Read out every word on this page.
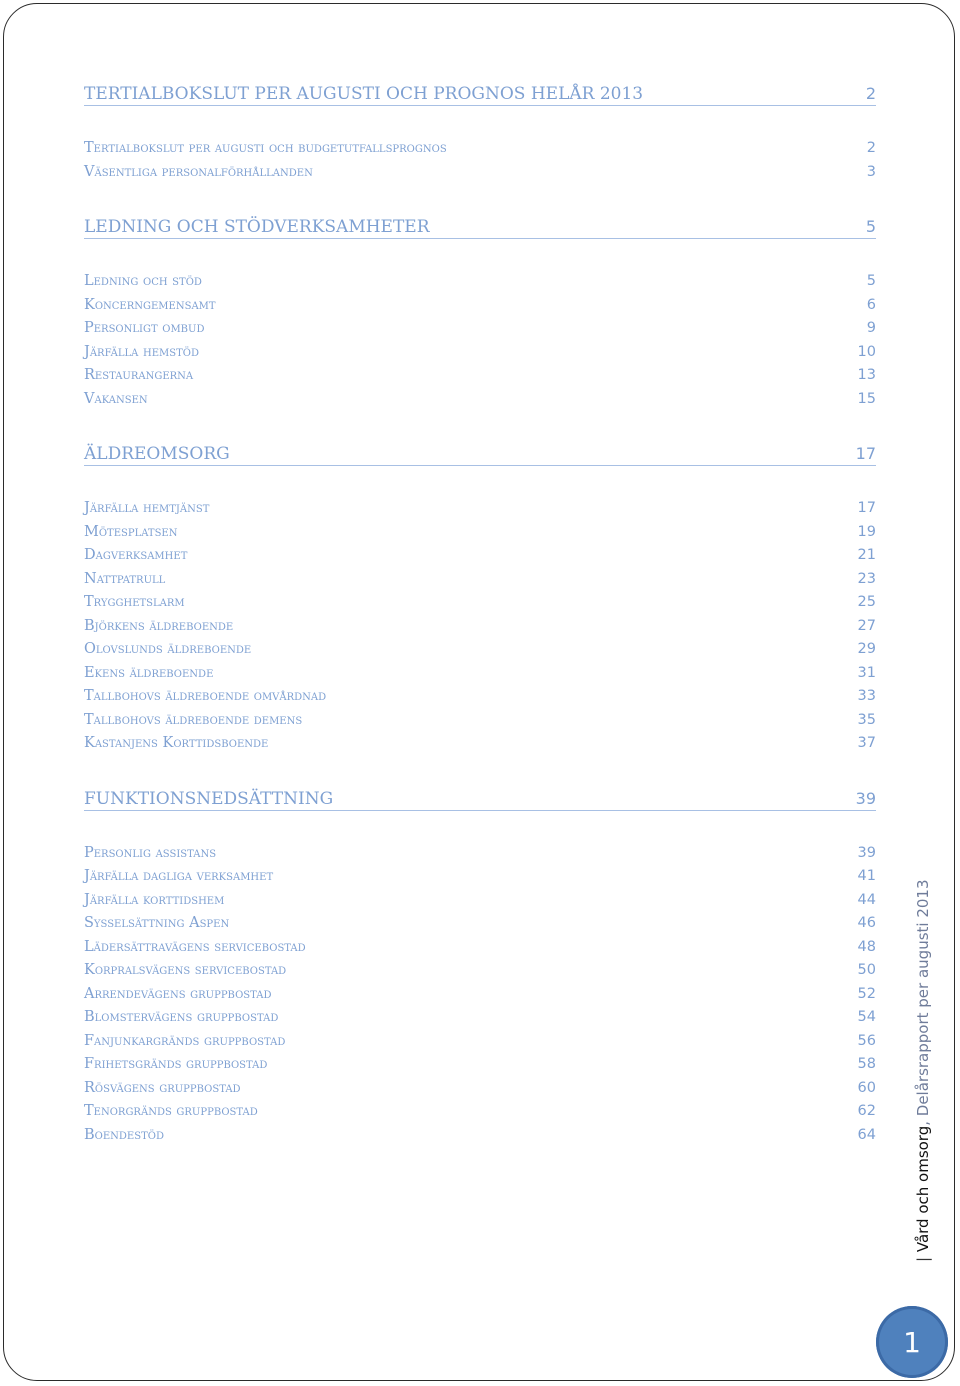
TERTIALBOKSLUT PER AUGUSTI OCH PROGNOS HELÅR 2013	2
Tertialbokslut per augusti och budgetutfallsprognos	2
Väsentliga personalförhållanden	3
LEDNING OCH STÖDVERKSAMHETER	5
Ledning och stöd	5
Koncerngemensamt	6
Personligt ombud	9
Järfälla hemstöd	10
Restaurangerna	13
Vakansen	15
ÄLDREOMSORG	17
Järfälla hemtjänst	17
Mötesplatsen	19
Dagverksamhet	21
Nattpatrull	23
Trygghetslarm	25
Björkens äldreboende	27
Olovslunds äldreboende	29
Ekens äldreboende	31
Tallbohovs äldreboende omvårdnad	33
Tallbohovs äldreboende demens	35
Kastanjens Korttidsboende	37
FUNKTIONSNEDSÄTTNING	39
Personlig assistans	39
Järfälla dagliga verksamhet	41
Järfälla korttidshem	44
Sysselsättning Aspen	46
Lädersättravägens servicebostad	48
Korpralsvägens servicebostad	50
Arrendevägens gruppbostad	52
Blomstervägens gruppbostad	54
Fanjunkargränds gruppbostad	56
Frihetsgränds gruppbostad	58
Rösvägens gruppbostad	60
Tenorgränds gruppbostad	62
Boendestöd	64
| Vård och omsorg, Delårsrapport per augusti 2013
1
